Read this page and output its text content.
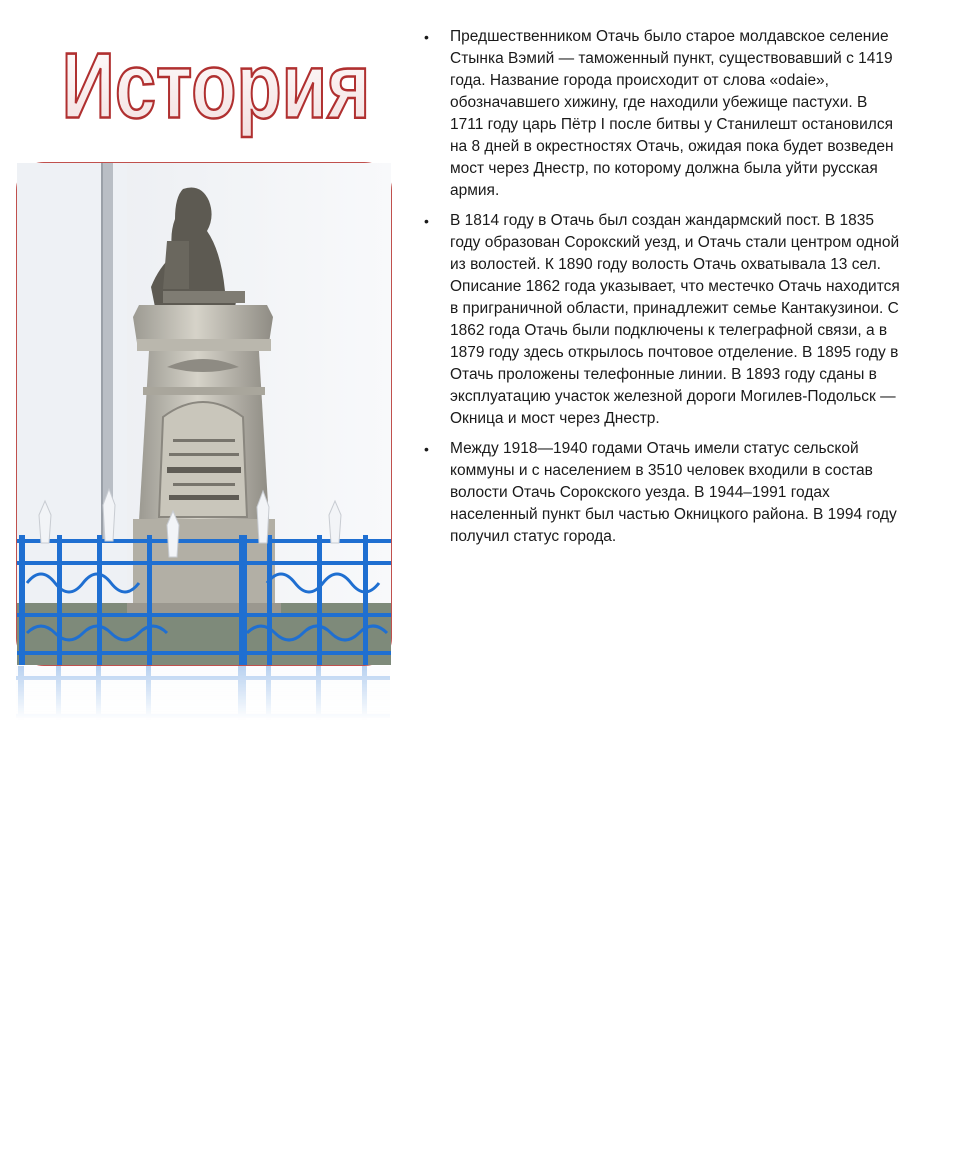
История	• Предшественником Отачь было старое молдавское селение Стынка Вэмий — таможенный пункт, существовавший с 1419 года. Название города происходит от слова «odaie», обозначавшего хижину, где находили убежище пастухи. В 1711 году царь Пётр I после битвы у Станилешт остановился на 8 дней в окрестностях Отачь, ожидая пока будет возведен мост через Днестр, по которому должна была уйти русская армия.
• В 1814 году в Отачь был создан жандармский пост. В 1835 году образован Сорокский уезд, и Отачь стали центром одной из волостей. К 1890 году волость Отачь охватывала 13 сел. Описание 1862 года указывает, что местечко Отачь находится в приграничной области, принадлежит семье Кантакузинои. С 1862 года Отачь были подключены к телеграфной связи, а в 1879 году здесь открылось почтовое отделение. В 1895 году в Отачь проложены телефонные линии. В 1893 году сданы в эксплуатацию участок железной дороги Могилев-Подольск — Окница и мост через Днестр.
• Между 1918—1940 годами Отачь имели статус сельской коммуны и с населением в 3510 человек входили в состав волости Отачь Сорокского уезда. В 1944–1991 годах населенный пункт был частью Окницкого района. В 1994 году получил статус города.
